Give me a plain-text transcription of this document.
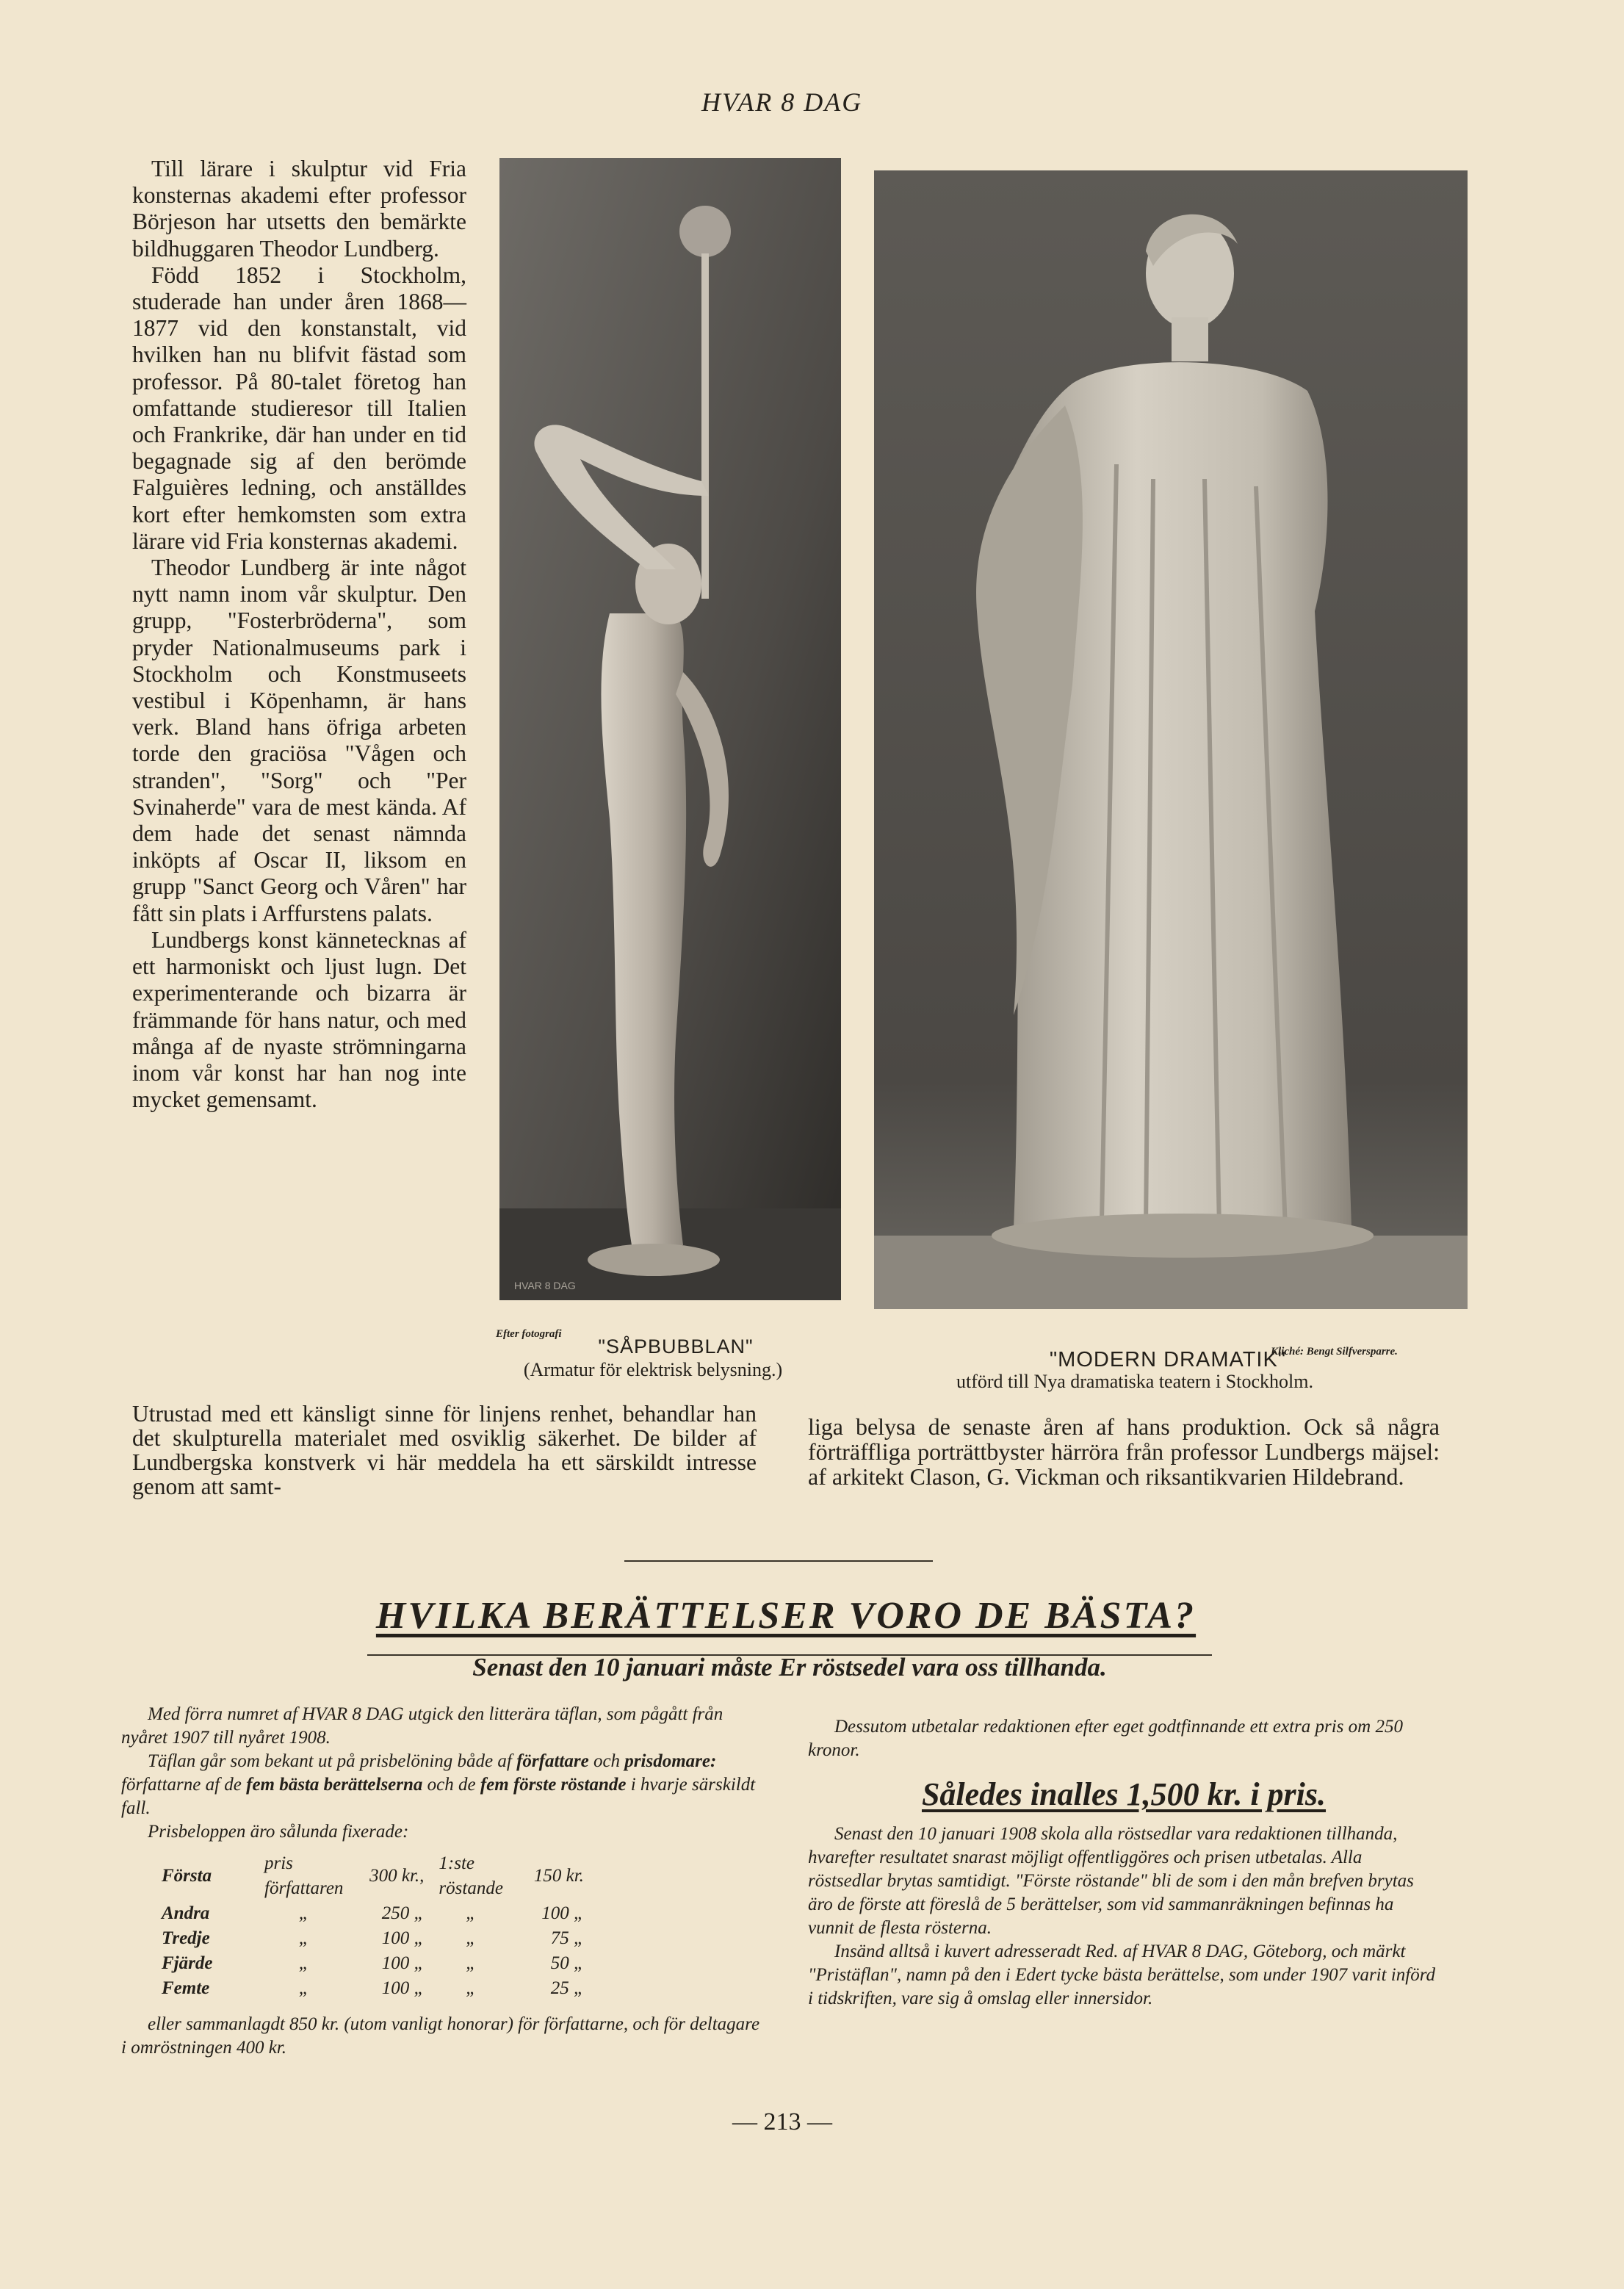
HVAR 8 DAG

Till lärare i skulptur vid Fria konsternas akademi efter professor Börjeson har utsetts den bemärkte bildhuggaren Theodor Lundberg.

Född 1852 i Stockholm, studerade han under åren 1868—1877 vid den konstanstalt, vid hvilken han nu blifvit fästad som professor. På 80-talet företog han omfattande studieresor till Italien och Frankrike, där han under en tid begagnade sig af den berömde Falguières ledning, och anställdes kort efter hemkomsten som extra lärare vid Fria konsternas akademi.

Theodor Lundberg är inte något nytt namn inom vår skulptur. Den grupp, "Fosterbröderna", som pryder Nationalmuseums park i Stockholm och Konstmuseets vestibul i Köpenhamn, är hans verk. Bland hans öfriga arbeten torde den graciösa "Vågen och stranden", "Sorg" och "Per Svinaherde" vara de mest kända. Af dem hade det senast nämnda inköpts af Oscar II, liksom en grupp "Sanct Georg och Våren" har fått sin plats i Arffurstens palats.

Lundbergs konst kännetecknas af ett harmoniskt och ljust lugn. Det experimenterande och bizarra är främmande för hans natur, och med många af de nyaste strömningarna inom vår konst har han nog inte mycket gemensamt.

HVAR 8 DAG
Efter fotografi
"SÅPBUBBLAN"
(Armatur för elektrisk belysning.)
Kliché: Bengt Silfversparre.
"MODERN DRAMATIK"
utförd till Nya dramatiska teatern i Stockholm.
Utrustad med ett känsligt sinne för linjens renhet, behandlar han det skulpturella materialet med osviklig säkerhet. De bilder af Lundbergska konstverk vi här meddela ha ett särskildt intresse genom att samt-
liga belysa de senaste åren af hans produktion. Ock så några förträffliga porträttbyster härröra från professor Lundbergs mäjsel: af arkitekt Clason, G. Vickman och riksantikvarien Hildebrand.
HVILKA BERÄTTELSER VORO DE BÄSTA?
Senast den 10 januari måste Er röstsedel vara oss tillhanda.

Med förra numret af HVAR 8 DAG utgick den litterära täflan, som pågått från nyåret 1907 till nyåret 1908.

Täflan går som bekant ut på prisbelöning både af författare och prisdomare: författarne af de fem bästa berättelserna och de fem förste röstande i hvarje särskildt fall.

Prisbeloppen äro sålunda fixerade:

Första	pris författaren	300 kr.,	1:ste röstande	150 kr.
Andra	„	250 „	„	100 „
Tredje	„	100 „	„	75 „
Fjärde	„	100 „	„	50 „
Femte	„	100 „	„	25 „

eller sammanlagdt 850 kr. (utom vanligt honorar) för författarne, och för deltagare i omröstningen 400 kr.

Dessutom utbetalar redaktionen efter eget godtfinnande ett extra pris om 250 kronor.

Således inalles 1,500 kr. i pris.

Senast den 10 januari 1908 skola alla röstsedlar vara redaktionen tillhanda, hvarefter resultatet snarast möjligt offentliggöres och prisen utbetalas. Alla röstsedlar brytas samtidigt. "Förste röstande" bli de som i den mån brefven brytas äro de förste att föreslå de 5 berättelser, som vid sammanräkningen befinnas ha vunnit de flesta rösterna.

Insänd alltså i kuvert adresseradt Red. af HVAR 8 DAG, Göteborg, och märkt "Pristäflan", namn på den i Edert tycke bästa berättelse, som under 1907 varit införd i tidskriften, vare sig å omslag eller innersidor.

— 213 —
